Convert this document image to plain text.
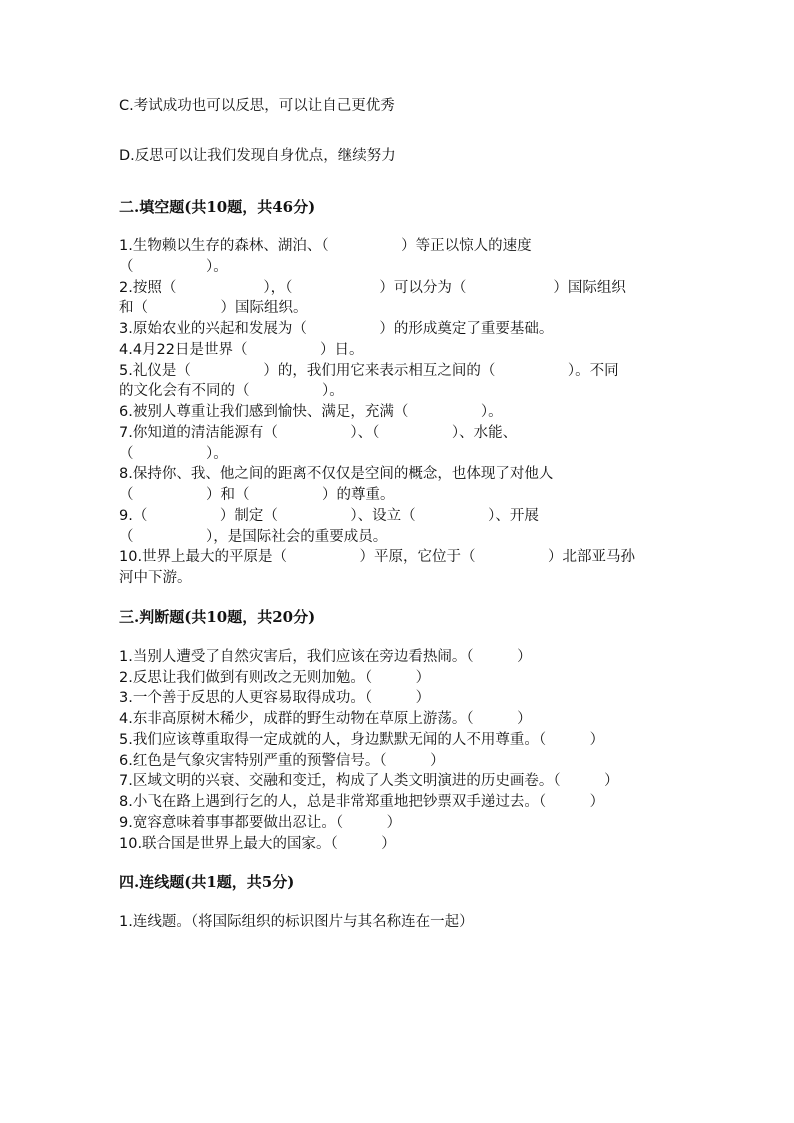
C.考试成功也可以反思，可以让自己更优秀
D.反思可以让我们发现自身优点，继续努力
二.填空题(共10题，共46分)
1.生物赖以生存的森林、湖泊、（　　　　　）等正以惊人的速度
（　　　　　）。
2.按照（　　　　　　），（　　　　　　）可以分为（　　　　　　）国际组织
和（　　　　　）国际组织。
3.原始农业的兴起和发展为（　　　　　）的形成奠定了重要基础。
4.4月22日是世界（　　　　　）日。
5.礼仪是（　　　　　）的，我们用它来表示相互之间的（　　　　　）。不同
的文化会有不同的（　　　　　）。
6.被别人尊重让我们感到愉快、满足，充满（　　　　　）。
7.你知道的清洁能源有（　　　　　）、（　　　　　）、水能、
（　　　　　）。
8.保持你、我、他之间的距离不仅仅是空间的概念，也体现了对他人
（　　　　　）和（　　　　　）的尊重。
9.（　　　　　）制定（　　　　　）、设立（　　　　　）、开展
（　　　　　），是国际社会的重要成员。
10.世界上最大的平原是（　　　　　）平原，它位于（　　　　　）北部亚马孙
河中下游。
三.判断题(共10题，共20分)
1.当别人遭受了自然灾害后，我们应该在旁边看热闹。（　　　）
2.反思让我们做到有则改之无则加勉。（　　　）
3.一个善于反思的人更容易取得成功。（　　　）
4.东非高原树木稀少，成群的野生动物在草原上游荡。（　　　）
5.我们应该尊重取得一定成就的人，身边默默无闻的人不用尊重。（　　　）
6.红色是气象灾害特别严重的预警信号。（　　　）
7.区域文明的兴衰、交融和变迁，构成了人类文明演进的历史画卷。（　　　）
8.小飞在路上遇到行乞的人，总是非常郑重地把钞票双手递过去。（　　　）
9.宽容意味着事事都要做出忍让。（　　　）
10.联合国是世界上最大的国家。（　　　）
四.连线题(共1题，共5分)
1.连线题。（将国际组织的标识图片与其名称连在一起）
